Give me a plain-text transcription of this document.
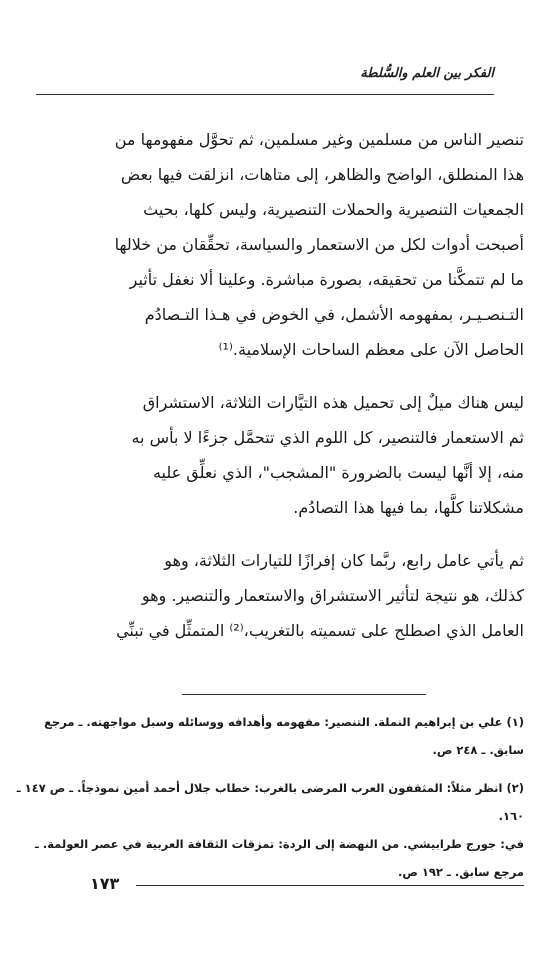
الفكر بين العلم والسُّلطة
تنصير الناس من مسلمين وغير مسلمين، ثم تحوَّل مفهومها من
هذا المنطلق، الواضح والظاهر، إلى متاهات، انزلقت فيها بعض
الجمعيات التنصيرية والحملات التنصيرية، وليس كلها، بحيث
أصبحت أدوات لكل من الاستعمار والسياسة، تحقِّقان من خلالها
ما لم تتمكَّنا من تحقيقه، بصورة مباشرة. وعلينا ألا نغفل تأثير
التـنصـيـر، بمفهومه الأشمل، في الخوض في هـذا التـصادُم
الحاصل الآن على معظم الساحات الإسلامية.⁽¹⁾
ليس هناك ميلٌ إلى تحميل هذه التيَّارات الثلاثة، الاستشراق
ثم الاستعمار فالتنصير، كل اللوم الذي تتحمَّل جزءًا لا بأس به
منه، إلا أنَّها ليست بالضرورة "المشجب"، الذي نعلِّق عليه
مشكلاتنا كلَّها، بما فيها هذا التصادُم.
ثم يأتي عامل رابع، ربَّما كان إفرازًا للتيارات الثلاثة، وهو
كذلك، هو نتيجة لتأثير الاستشراق والاستعمار والتنصير. وهو
العامل الذي اصطلح على تسميته بالتغريب،⁽²⁾ المتمثِّل في تبنِّي
(١) علي بن إبراهيم النملة. التنصير: مفهومه وأهدافه ووسائله وسبل مواجهته. ـ مرجع
سابق. ـ ٢٤٨ ص.
(٢) انظر مثلاً: المثقفون العرب المرضى بالغرب: خطاب جلال أحمد أمين نموذجاً. ـ ص ١٤٧ ـ
١٦٠.
في: جورج طرابيشي. من النهضة إلى الردة: تمزقات الثقافة العربية في عصر العولمة. ـ
مرجع سابق. ـ ١٩٢ ص.
١٧٣
